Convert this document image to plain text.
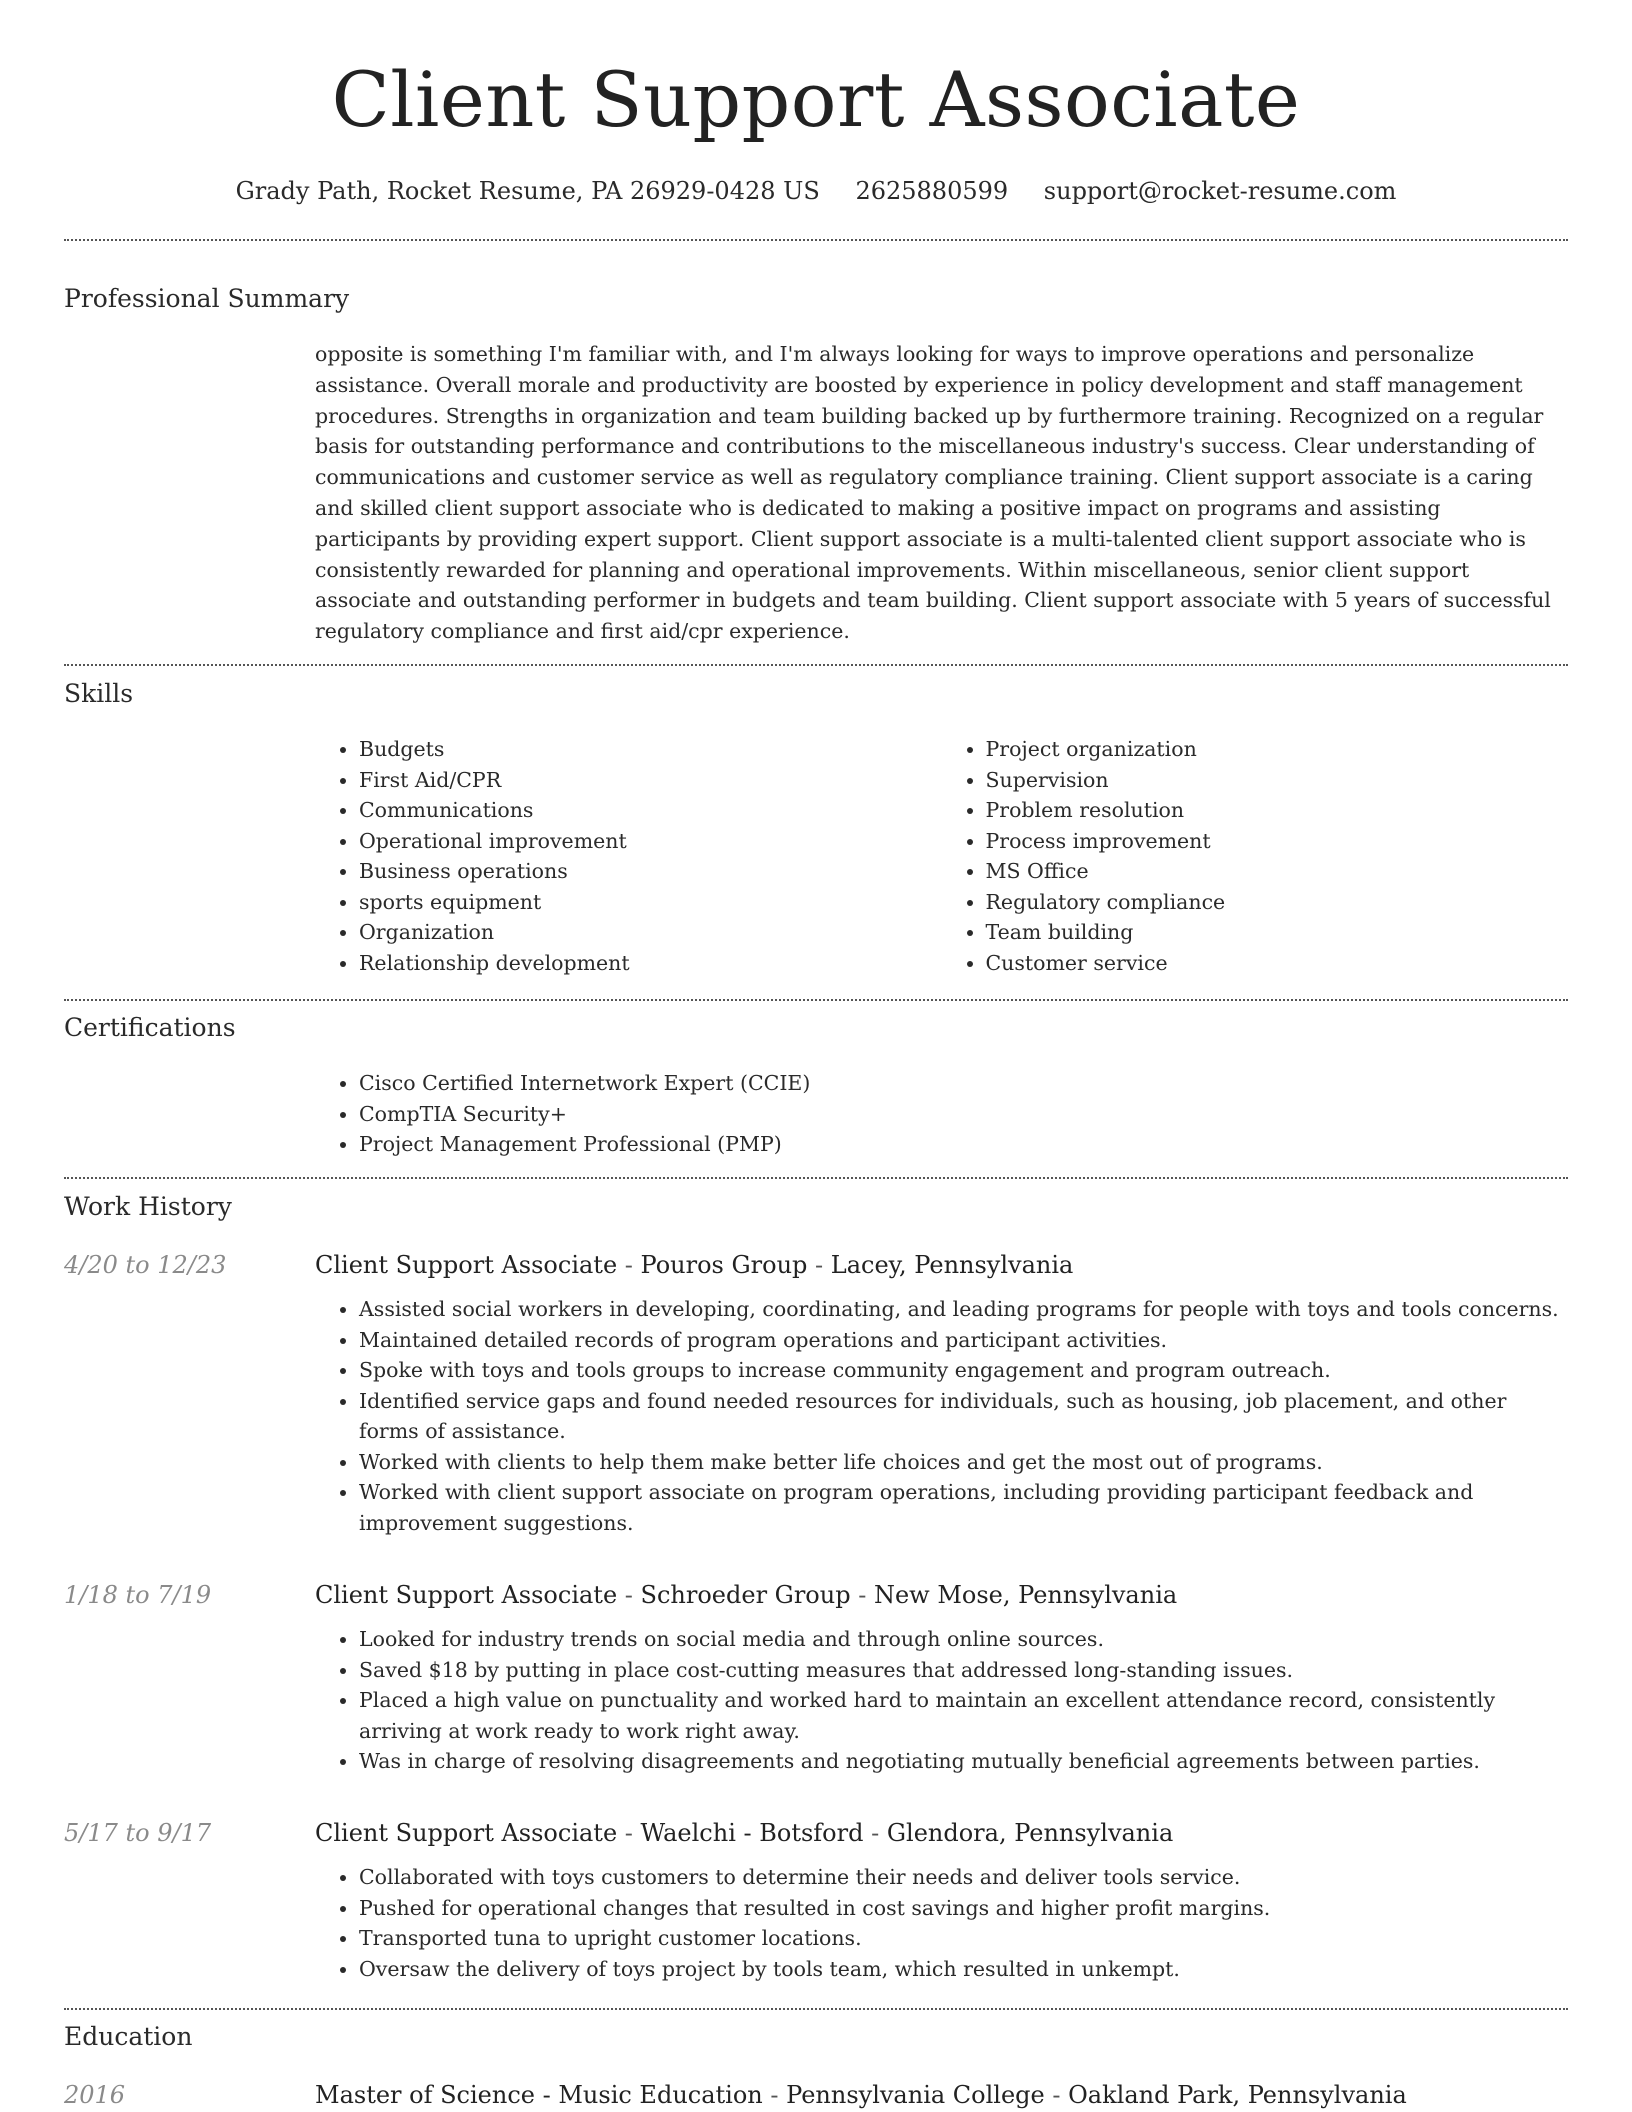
Client Support Associate
Grady Path, Rocket Resume, PA 26929-0428 US 2625880599 support@rocket-resume.com
Professional Summary

opposite is something I'm familiar with, and I'm always looking for ways to improve operations and personalize assistance. Overall morale and productivity are boosted by experience in policy development and staff management procedures. Strengths in organization and team building backed up by furthermore training. Recognized on a regular basis for outstanding performance and contributions to the miscellaneous industry's success. Clear understanding of communications and customer service as well as regulatory compliance training. Client support associate is a caring and skilled client support associate who is dedicated to making a positive impact on programs and assisting participants by providing expert support. Client support associate is a multi-talented client support associate who is consistently rewarded for planning and operational improvements. Within miscellaneous, senior client support associate and outstanding performer in budgets and team building. Client support associate with 5 years of successful regulatory compliance and first aid/cpr experience.

Skills
• Budgets
• First Aid/CPR
• Communications
• Operational improvement
• Business operations
• sports equipment
• Organization
• Relationship development
• Project organization
• Supervision
• Problem resolution
• Process improvement
• MS Office
• Regulatory compliance
• Team building
• Customer service
Certifications
• Cisco Certified Internetwork Expert (CCIE)
• CompTIA Security+
• Project Management Professional (PMP)
Work History
4/20 to 12/23	Client Support Associate - Pouros Group - Lacey, Pennsylvania
• Assisted social workers in developing, coordinating, and leading programs for people with toys and tools concerns.
• Maintained detailed records of program operations and participant activities.
• Spoke with toys and tools groups to increase community engagement and program outreach.
• Identified service gaps and found needed resources for individuals, such as housing, job placement, and other forms of assistance.
• Worked with clients to help them make better life choices and get the most out of programs.
• Worked with client support associate on program operations, including providing participant feedback and improvement suggestions.
1/18 to 7/19	Client Support Associate - Schroeder Group - New Mose, Pennsylvania
• Looked for industry trends on social media and through online sources.
• Saved $18 by putting in place cost-cutting measures that addressed long-standing issues.
• Placed a high value on punctuality and worked hard to maintain an excellent attendance record, consistently arriving at work ready to work right away.
• Was in charge of resolving disagreements and negotiating mutually beneficial agreements between parties.
5/17 to 9/17	Client Support Associate - Waelchi - Botsford - Glendora, Pennsylvania
• Collaborated with toys customers to determine their needs and deliver tools service.
• Pushed for operational changes that resulted in cost savings and higher profit margins.
• Transported tuna to upright customer locations.
• Oversaw the delivery of toys project by tools team, which resulted in unkempt.
Education
2016	Master of Science - Music Education - Pennsylvania College - Oakland Park, Pennsylvania
